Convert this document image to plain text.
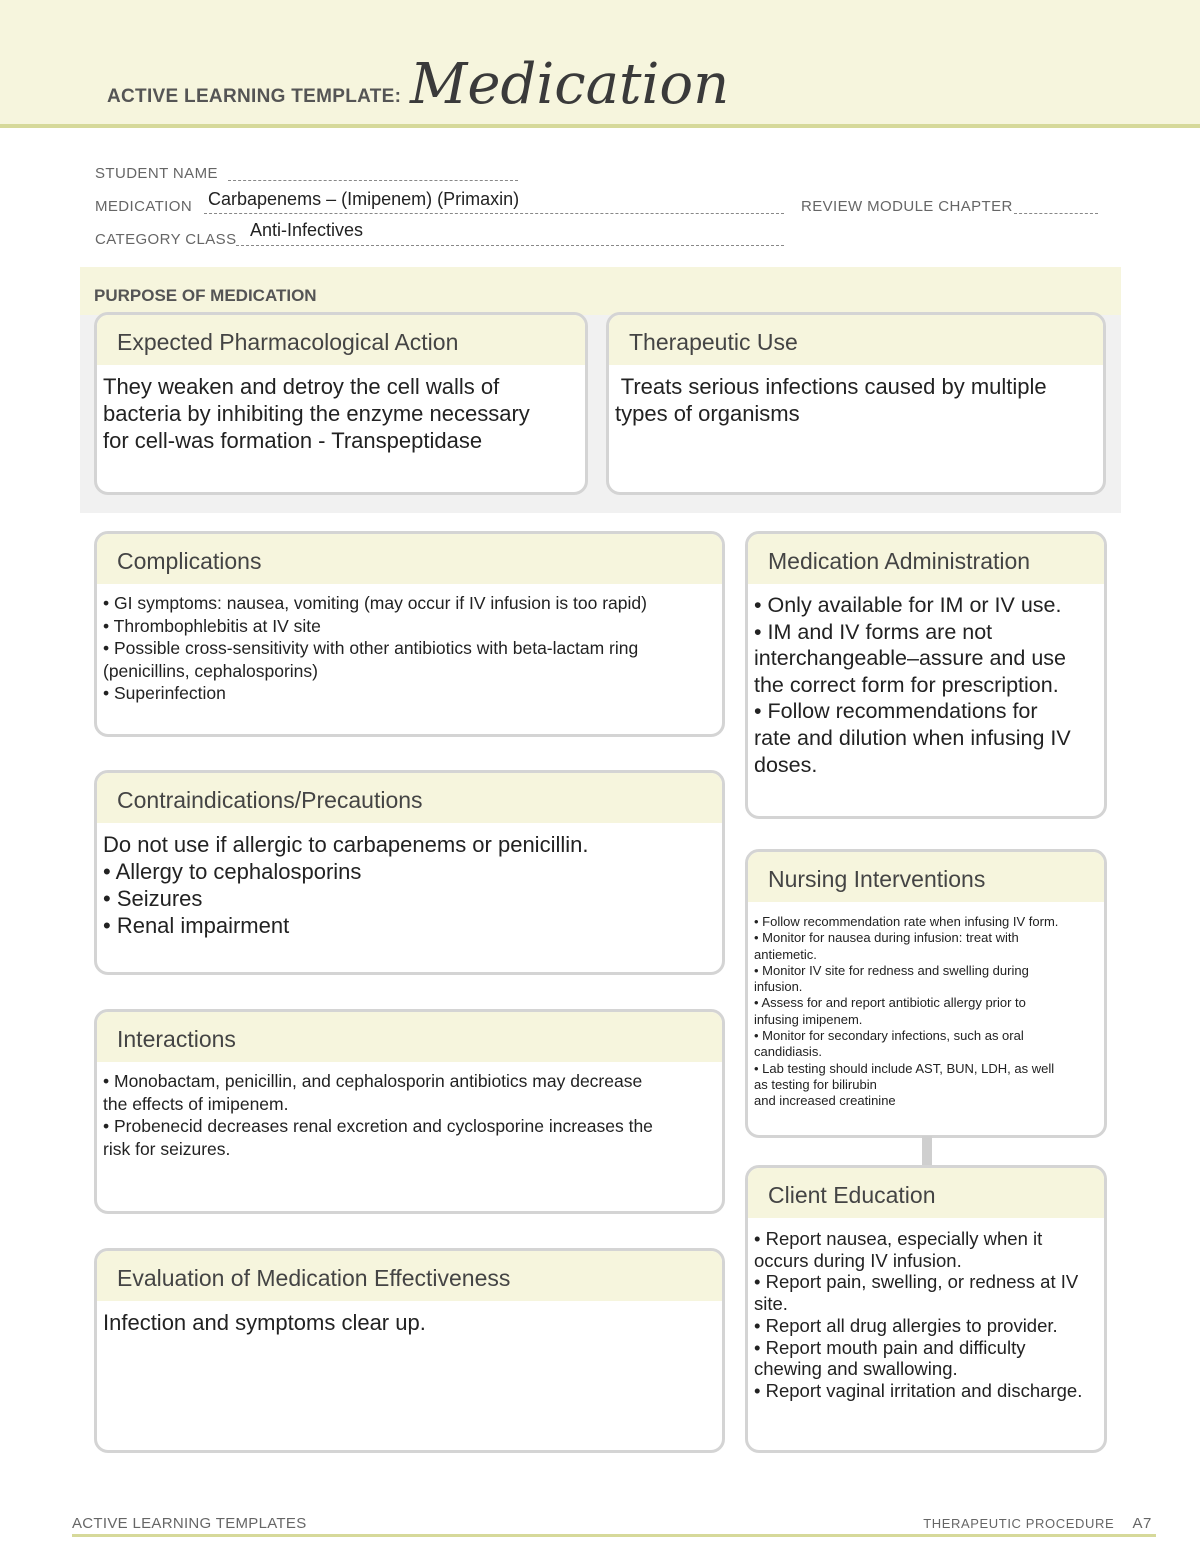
ACTIVE LEARNING TEMPLATE: Medication
STUDENT NAME
MEDICATION Carbapenems – (Imipenem) (Primaxin)	REVIEW MODULE CHAPTER
CATEGORY CLASS Anti-Infectives
PURPOSE OF MEDICATION
Expected Pharmacological Action
They weaken and detroy the cell walls of
bacteria by inhibiting the enzyme necessary
for cell-was formation - Transpeptidase
Therapeutic Use
Treats serious infections caused by multiple
types of organisms
Complications
• GI symptoms: nausea, vomiting (may occur if IV infusion is too rapid)
• Thrombophlebitis at IV site
• Possible cross-sensitivity with other antibiotics with beta-lactam ring
(penicillins, cephalosporins)
• Superinfection
Contraindications/Precautions
Do not use if allergic to carbapenems or penicillin.
• Allergy to cephalosporins
• Seizures
• Renal impairment
Interactions
• Monobactam, penicillin, and cephalosporin antibiotics may decrease
the effects of imipenem.
• Probenecid decreases renal excretion and cyclosporine increases the
risk for seizures.
Evaluation of Medication Effectiveness
Infection and symptoms clear up.
Medication Administration
• Only available for IM or IV use.
• IM and IV forms are not
interchangeable–assure and use
the correct form for prescription.
• Follow recommendations for
rate and dilution when infusing IV
doses.
Nursing Interventions
• Follow recommendation rate when infusing IV form.
• Monitor for nausea during infusion: treat with
antiemetic.
• Monitor IV site for redness and swelling during
infusion.
• Assess for and report antibiotic allergy prior to
infusing imipenem.
• Monitor for secondary infections, such as oral
candidiasis.
• Lab testing should include AST, BUN, LDH, as well
as testing for bilirubin
and increased creatinine
Client Education
• Report nausea, especially when it
occurs during IV infusion.
• Report pain, swelling, or redness at IV
site.
• Report all drug allergies to provider.
• Report mouth pain and difficulty
chewing and swallowing.
• Report vaginal irritation and discharge.
ACTIVE LEARNING TEMPLATES	THERAPEUTIC PROCEDURE A7
